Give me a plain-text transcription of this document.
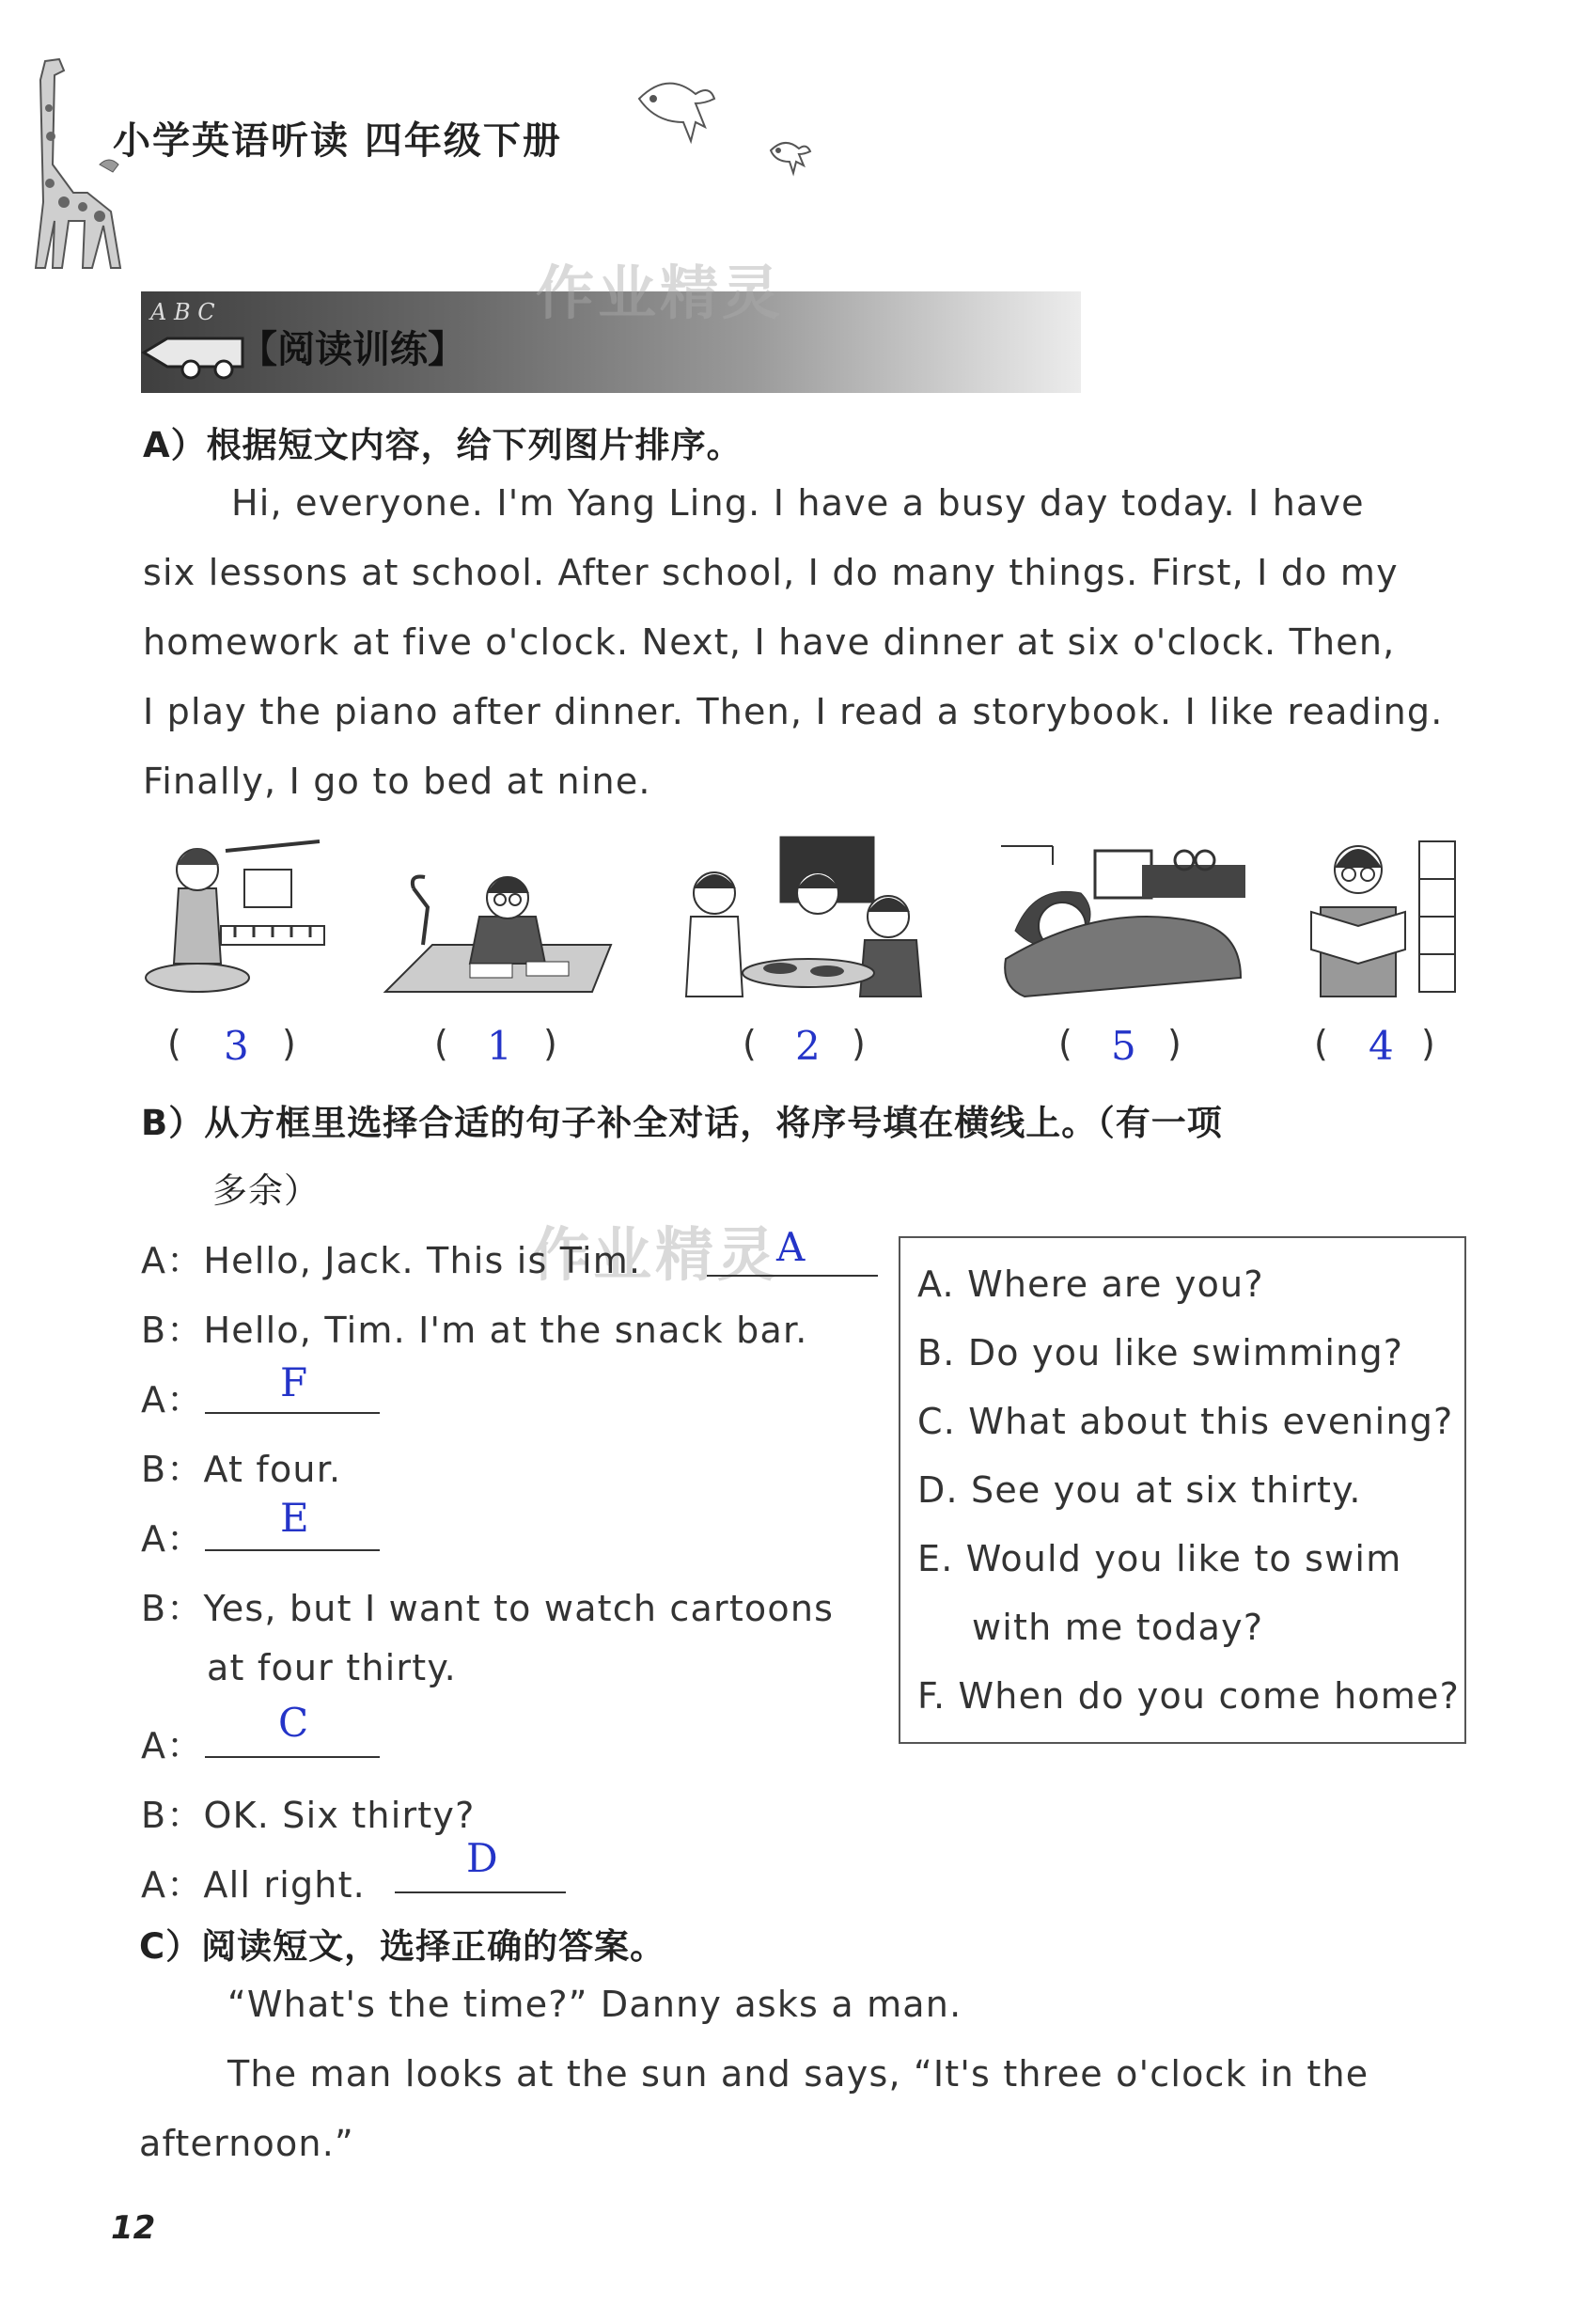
小学英语听读 四年级下册
A B C
【阅读训练】
作业精灵
A）根据短文内容，给下列图片排序。
Hi, everyone. I'm Yang Ling. I have a busy day today. I have
six lessons at school. After school, I do many things. First, I do my
homework at five o'clock. Next, I have dinner at six o'clock. Then,
I play the piano after dinner. Then, I read a storybook. I like reading.
Finally, I go to bed at nine.
( 3 )	( 1 )	( 2 )	( 5 )	( 4 )
B）从方框里选择合适的句子补全对话，将序号填在横线上。（有一项
多余）
作业精灵
A：Hello, Jack. This is Tim.	A
B：Hello, Tim. I'm at the snack bar.
A： F
B：At four.
A： E
B：Yes, but I want to watch cartoons
at four thirty.
A： C
B：OK. Six thirty?
A：All right.
D
A. Where are you?
B. Do you like swimming?
C. What about this evening?
D. See you at six thirty.
E. Would you like to swim
with me today?
F. When do you come home?
C）阅读短文，选择正确的答案。
“What's the time?” Danny asks a man.
The man looks at the sun and says, “It's three o'clock in the
afternoon.”
12
